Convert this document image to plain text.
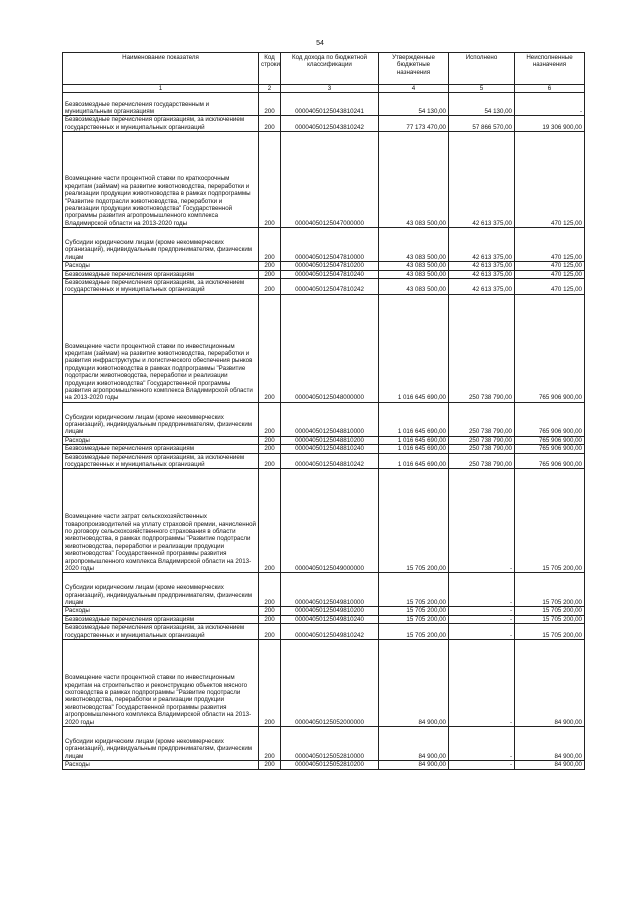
54
Наименование показателя	Код строки	Код дохода по бюджетной классификации	Утвержденные бюджетные назначения	Исполнено	Неисполненные назначения
1	2	3	4	5	6
Безвозмездные перечисления государственным и муниципальным организациям	200	00004050125043810241	54 130,00	54 130,00	-
Безвозмездные перечисления организациям, за исключением государственных и муниципальных организаций	200	00004050125043810242	77 173 470,00	57 866 570,00	19 306 900,00
Возмещение части процентной ставки по краткосрочным кредитам (займам) на развитие животноводства, переработки и реализации продукции животноводства в рамках подпрограммы "Развитие подотрасли животноводства, переработки и реализации продукции животноводства" Государственной программы развития агропромышленного комплекса Владимирской области на 2013-2020 годы	200	00004050125047000000	43 083 500,00	42 613 375,00	470 125,00
Субсидии юридическим лицам (кроме некоммерческих организаций), индивидуальным предпринимателям, физическим лицам	200	00004050125047810000	43 083 500,00	42 613 375,00	470 125,00
Расходы	200	00004050125047810200	43 083 500,00	42 613 375,00	470 125,00
Безвозмездные перечисления организациям	200	00004050125047810240	43 083 500,00	42 613 375,00	470 125,00
Безвозмездные перечисления организациям, за исключением государственных и муниципальных организаций	200	00004050125047810242	43 083 500,00	42 613 375,00	470 125,00
Возмещение части процентной ставки по инвестиционным кредитам (займам) на развитие животноводства, переработки и развития инфраструктуры и логистического обеспечения рынков продукции животноводства в рамках подпрограммы "Развитие подотрасли животноводства, переработки и реализации продукции животноводства" Государственной программы развития агропромышленного комплекса Владимирской области на 2013-2020 годы	200	00004050125048000000	1 016 645 690,00	250 738 790,00	765 906 900,00
Субсидии юридическим лицам (кроме некоммерческих организаций), индивидуальным предпринимателям, физическим лицам	200	00004050125048810000	1 016 645 690,00	250 738 790,00	765 906 900,00
Расходы	200	00004050125048810200	1 016 645 690,00	250 738 790,00	765 906 900,00
Безвозмездные перечисления организациям	200	00004050125048810240	1 016 645 690,00	250 738 790,00	765 906 900,00
Безвозмездные перечисления организациям, за исключением государственных и муниципальных организаций	200	00004050125048810242	1 016 645 690,00	250 738 790,00	765 906 900,00
Возмещение части затрат сельскохозяйственных товаропроизводителей на уплату страховой премии, начисленной по договору сельскохозяйственного страхования в области животноводства, в рамках подпрограммы "Развитие подотрасли животноводства, переработки и реализации продукции животноводства" Государственной программы развития агропромышленного комплекса Владимирской области на 2013-2020 годы	200	00004050125049000000	15 705 200,00	-	15 705 200,00
Субсидии юридическим лицам (кроме некоммерческих организаций), индивидуальным предпринимателям, физическим лицам	200	00004050125049810000	15 705 200,00	-	15 705 200,00
Расходы	200	00004050125049810200	15 705 200,00	-	15 705 200,00
Безвозмездные перечисления организациям	200	00004050125049810240	15 705 200,00	-	15 705 200,00
Безвозмездные перечисления организациям, за исключением государственных и муниципальных организаций	200	00004050125049810242	15 705 200,00	-	15 705 200,00
Возмещение части процентной ставки по инвестиционным кредитам на строительство и реконструкцию объектов мясного скотоводства в рамках подпрограммы "Развитие подотрасли животноводства, переработки и реализации продукции животноводства" Государственной программы развития агропромышленного комплекса Владимирской области на 2013-2020 годы	200	00004050125052000000	84 900,00	-	84 900,00
Субсидии юридическим лицам (кроме некоммерческих организаций), индивидуальным предпринимателям, физическим лицам	200	00004050125052810000	84 900,00	-	84 900,00
Расходы	200	00004050125052810200	84 900,00	-	84 900,00
